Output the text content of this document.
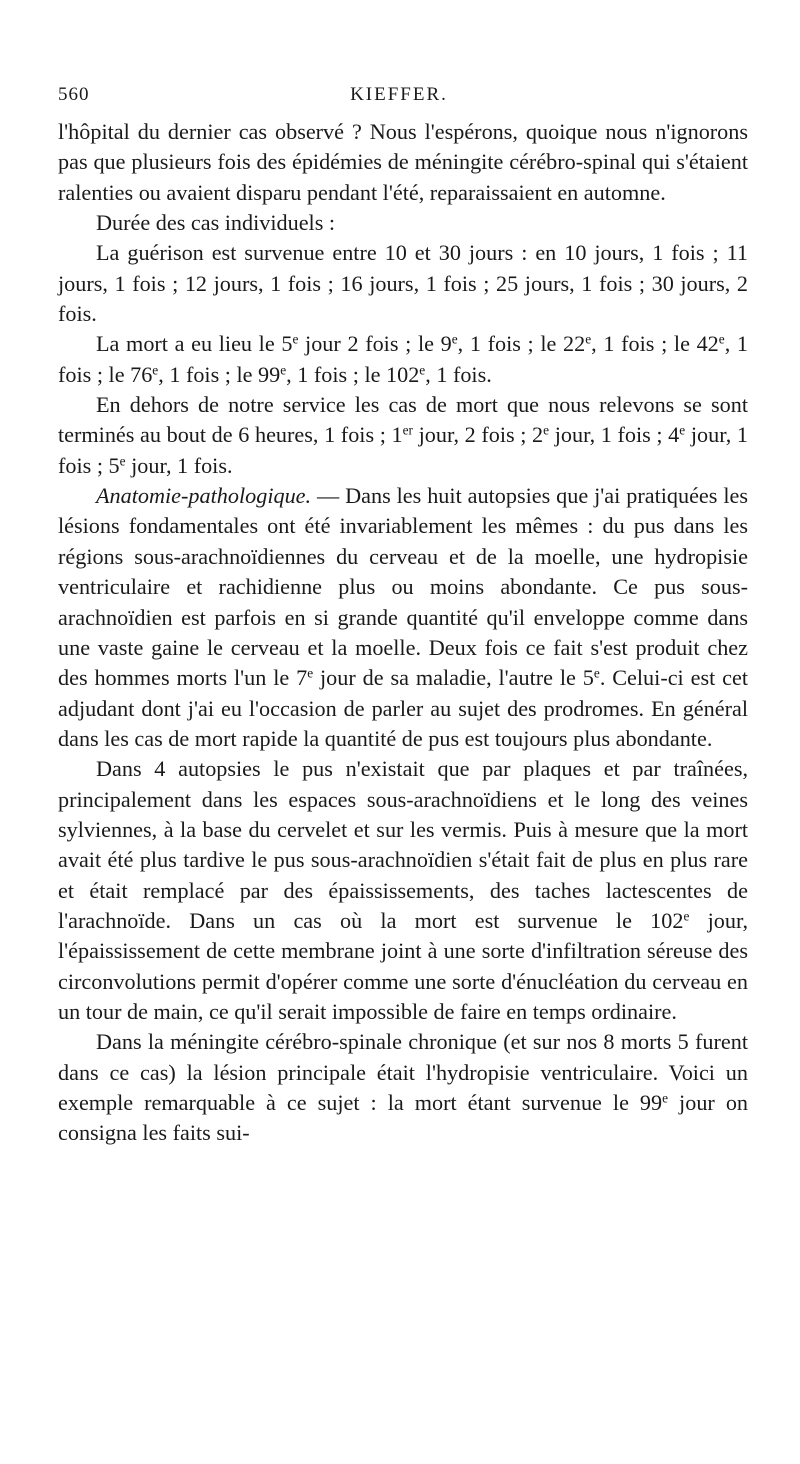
560	KIEFFER.

l'hôpital du dernier cas observé ? Nous l'espérons, quoique nous n'ignorons pas que plusieurs fois des épidémies de méningite cérébro-spinal qui s'étaient ralenties ou avaient disparu pendant l'été, reparaissaient en automne.

Durée des cas individuels :

La guérison est survenue entre 10 et 30 jours : en 10 jours, 1 fois ; 11 jours, 1 fois ; 12 jours, 1 fois ; 16 jours, 1 fois ; 25 jours, 1 fois ; 30 jours, 2 fois.

La mort a eu lieu le 5e jour 2 fois ; le 9e, 1 fois ; le 22e, 1 fois ; le 42e, 1 fois ; le 76e, 1 fois ; le 99e, 1 fois ; le 102e, 1 fois.

En dehors de notre service les cas de mort que nous relevons se sont terminés au bout de 6 heures, 1 fois ; 1er jour, 2 fois ; 2e jour, 1 fois ; 4e jour, 1 fois ; 5e jour, 1 fois.

Anatomie-pathologique. — Dans les huit autopsies que j'ai pratiquées les lésions fondamentales ont été invariablement les mêmes : du pus dans les régions sous-arachnoïdiennes du cerveau et de la moelle, une hydropisie ventriculaire et rachidienne plus ou moins abondante. Ce pus sous-arachnoïdien est parfois en si grande quantité qu'il enveloppe comme dans une vaste gaine le cerveau et la moelle. Deux fois ce fait s'est produit chez des hommes morts l'un le 7e jour de sa maladie, l'autre le 5e. Celui-ci est cet adjudant dont j'ai eu l'occasion de parler au sujet des prodromes. En général dans les cas de mort rapide la quantité de pus est toujours plus abondante.

Dans 4 autopsies le pus n'existait que par plaques et par traînées, principalement dans les espaces sous-arachnoïdiens et le long des veines sylviennes, à la base du cervelet et sur les vermis. Puis à mesure que la mort avait été plus tardive le pus sous-arachnoïdien s'était fait de plus en plus rare et était remplacé par des épaississements, des taches lactescentes de l'arachnoïde. Dans un cas où la mort est survenue le 102e jour, l'épaississement de cette membrane joint à une sorte d'infiltration séreuse des circonvolutions permit d'opérer comme une sorte d'énucléation du cerveau en un tour de main, ce qu'il serait impossible de faire en temps ordinaire.

Dans la méningite cérébro-spinale chronique (et sur nos 8 morts 5 furent dans ce cas) la lésion principale était l'hydropisie ventriculaire. Voici un exemple remarquable à ce sujet : la mort étant survenue le 99e jour on consigna les faits sui-
